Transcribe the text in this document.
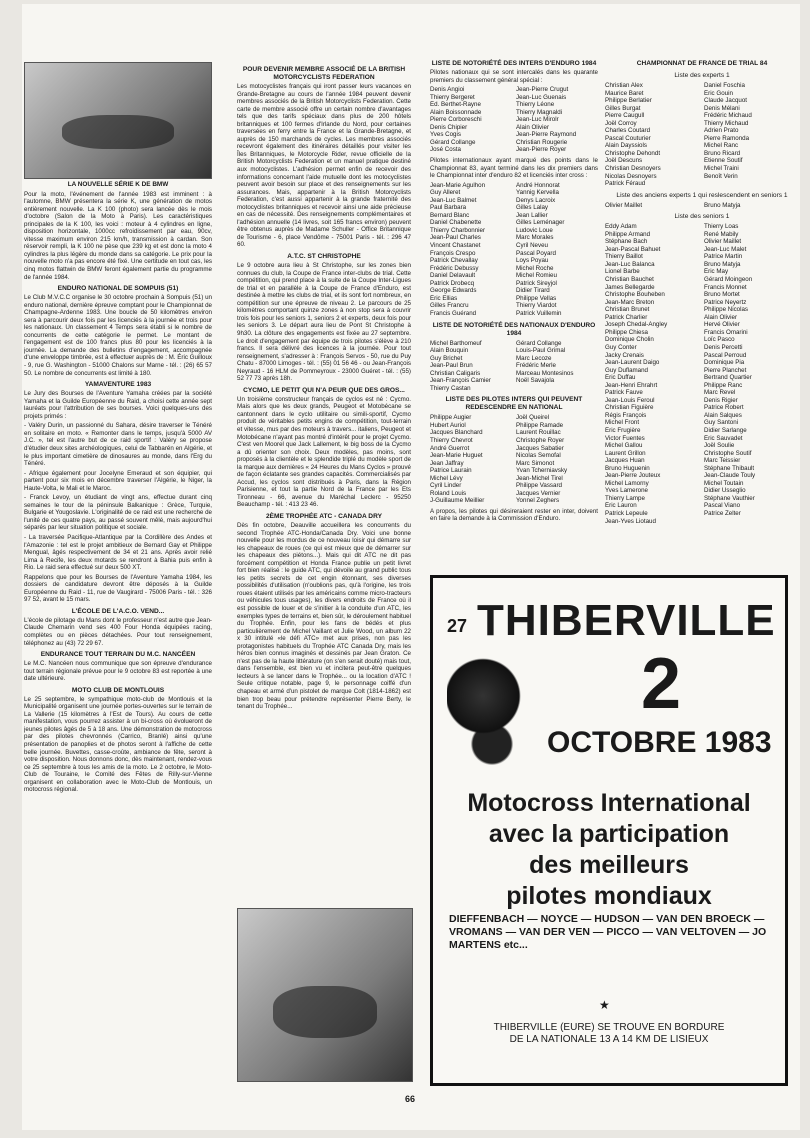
LA NOUVELLE SÉRIE K DE BMW

Pour la moto, l'événement de l'année 1983 est imminent : à l'automne, BMW présentera la série K, une génération de motos entièrement nouvelle. La K 100 (photo) sera lancée dès le mois d'octobre (Salon de la Moto à Paris). Les caractéristiques principales de la K 100, les voici : moteur à 4 cylindres en ligne, disposition horizontale, 1000cc refroidissement par eau, 90cv, vitesse maximum environ 215 km/h, transmission à cardan. Son réservoir rempli, la K 100 ne pèse que 239 kg et est donc la moto 4 cylindres la plus légère du monde dans sa catégorie. Le prix pour la nouvelle moto n'a pas encore été fixé. Une certitude en tout cas, les cinq motos flattwin de BMW feront également partie du programme de l'année 1984.

ENDURO NATIONAL DE SOMPUIS (51)

Le Club M.V.C.C organise le 30 octobre prochain à Sompuis (51) un enduro national, dernière épreuve comptant pour le Championnat de Champagne-Ardenne 1983. Une boucle de 50 kilomètres environ sera à parcourir deux fois par les licenciés à la journée et trois pour les nationaux. Un classement 4 Temps sera établi si le nombre de concurrents de cette catégorie le permet. Le montant de l'engagement est de 100 francs plus 80 pour les licenciés à la journée. La demande des bulletins d'engagement, accompagnée d'une enveloppe timbrée, est à effectuer auprès de : M. Éric Guilloux - 9, rue G. Washington - 51000 Chalons sur Marne - tél. : (26) 65 57 50. Le nombre de concurrents est limité à 180.

YAMAVENTURE 1983

Le Jury des Bourses de l'Aventure Yamaha créées par la société Yamaha et la Guilde Européenne du Raid, a choisi cette année sept lauréats pour l'attribution de ses bourses. Voici quelques-uns des projets primés :

- Valéry Durin, un passionné du Sahara, désire traverser le Ténéré en solitaire en moto. « Remonter dans le temps, jusqu'à 5000 AV J.C. », tel est l'autre but de ce raid sportif : Valéry se propose d'étudier deux sites archéologiques, celui de Tabbarén en Algérie, et le plus important cimetière de dinosaures au monde, dans l'Erg du Ténéré.

- Afrique également pour Jocelyne Emeraud et son équipier, qui partent pour six mois en décembre traverser l'Algérie, le Niger, la Haute-Volta, le Mali et le Maroc.

- Franck Levoy, un étudiant de vingt ans, effectue durant cinq semaines le tour de la péninsule Balkanique : Grèce, Turquie, Bulgarie et Yougoslavie. L'originalité de ce raid est une recherche de l'unité de ces quatre pays, au passé souvent mêlé, mais aujourd'hui séparés par leur situation politique et sociale.

- La traversée Pacifique-Atlantique par la Cordillère des Andes et l'Amazonie : tel est le projet ambitieux de Bernard Gay et Philippe Mengual, âgés respectivement de 34 et 21 ans. Après avoir relié Lima à Recife, les deux motards se rendront à Bahia puis enfin à Rio. Le raid sera effectué sur deux 500 XT.

Rappelons que pour les Bourses de l'Aventure Yamaha 1984, les dossiers de candidature devront être déposés à la Guilde Européenne du Raid - 11, rue de Vaugirard - 75006 Paris - tél. : 326 97 52, avant le 15 mars.

L'ÉCOLE DE L'A.C.O. VEND...

L'école de pilotage du Mans dont le professeur n'est autre que Jean-Claude Chemarin vend ses 400 Four Honda équipées racing, complètes ou en pièces détachées. Pour tout renseignement, téléphonez au (43) 72 29 67.

ENDURANCE TOUT TERRAIN DU M.C. NANCÉEN

Le M.C. Nancéen nous communique que son épreuve d'endurance tout terrain régionale prévue pour le 9 octobre 83 est reportée à une date ultérieure.

MOTO CLUB DE MONTLOUIS

Le 25 septembre, le sympathique moto-club de Montlouis et la Municipalité organisent une journée portes-ouvertes sur le terrain de La Vallerie (15 kilomètres à l'Est de Tours). Au cours de cette manifestation, vous pourrez assister à un bi-cross où évolueront de jeunes pilotes âgés de 5 à 18 ans. Une démonstration de motocross par des pilotes chevronnés (Carrico, Branlé) ainsi qu'une présentation de panoplies et de photos seront à l'affiche de cette belle journée. Buvettes, casse-croûte, ambiance de fête, seront à votre disposition. Nous donnons donc, dès maintenant, rendez-vous ce 25 septembre à tous les amis de la moto. Le 2 octobre, le Moto-Club de Touraine, le Comité des Fêtes de Rilly-sur-Vienne organisent en collaboration avec le Moto-Club de Montlouis, un motocross régional.

POUR DEVENIR MEMBRE ASSOCIÉ DE LA BRITISH MOTORCYCLISTS FEDERATION

Les motocyclistes français qui iront passer leurs vacances en Grande-Bretagne au cours de l'année 1984 peuvent devenir membres associés de la British Motorcyclists Federation. Cette carte de membre associé offre un certain nombre d'avantages tels que des tarifs spéciaux dans plus de 200 hôtels britanniques et 100 fermes d'Irlande du Nord, pour certaines traversées en ferry entre la France et la Grande-Bretagne, et auprès de 150 marchands de cycles. Les membres associés recevront également des itinéraires détaillés pour visiter les Îles Britanniques, le Motorcycle Rider, revue officielle de la British Motorcyclists Federation et un manuel pratique destiné aux motocyclistes. L'adhésion permet enfin de recevoir des informations concernant l'aide mutuelle dont les motocyclistes peuvent avoir besoin sur place et des renseignements sur les assurances. Mais, appartenir à la British Motorcyclists Federation, c'est aussi appartenir à la grande fraternité des motocyclistes britanniques et recevoir ainsi une aide précieuse en cas de nécessité. Des renseignements complémentaires et l'adhésion annuelle (14 livres, soit 165 francs environ) peuvent être obtenus auprès de Madame Schuller - Office Britannique de Tourisme - 6, place Vendôme - 75001 Paris - tél. : 296 47 60.

A.T.C. ST CHRISTOPHE

Le 9 octobre aura lieu à St Christophe, sur les zones bien connues du club, la Coupe de France inter-clubs de trial. Cette compétition, qui prend place à la suite de la Coupe Inter-Ligues de trial et en parallèle à la Coupe de France d'Enduro, est destinée à mettre les clubs de trial, et ils sont fort nombreux, en compétition sur une épreuve de niveau 2. Le parcours de 25 kilomètres comportant quinze zones à non stop sera à couvrir trois fois pour les seniors 1, seniors 2 et experts, deux fois pour les seniors 3. Le départ aura lieu de Pont St Christophe à 9h30. La clôture des engagements est fixée au 27 septembre. Le droit d'engagement par équipe de trois pilotes s'élève à 210 francs. Il sera délivré des licences à la journée. Pour tout renseignement, s'adresser à : François Servos - 50, rue du Puy Chatu - 87000 Limoges - tél. : (55) 01 56 46 - ou Jean-François Neyraud - 16 HLM de Pommeyroux - 23000 Guéret - tél. : (55) 52 77 73 après 18h.

CYCMO, LE PETIT QUI N'A PEUR QUE DES GROS...

Un troisième constructeur français de cyclos est né : Cycmo. Mais alors que les deux grands, Peugeot et Motobécane se cantonnent dans le cyclo utilitaire ou simili-sportif, Cycmo produit de véritables petits engins de compétition, tout-terrain et vitesse, mus par des moteurs à travers... italiens, Peugeot et Motobécane n'ayant pas montré d'intérêt pour le projet Cycmo. C'est ven Moorel que Jack Lallement, le big boss de la Cycmo a dû orienter son choix. Deux modèles, pas moins, sont proposés à la clientèle et le splendide triplé du modèle sport de la marque aux dernières « 24 Heures du Mans Cyclos » prouvé de façon éclatante ses grandes capacités. Commercialisés par Accud, les cyclos sont distribués à Paris, dans la Région Parisienne, et tout la partie Nord de la France par les Ets Tironneau - 66, avenue du Maréchal Leclerc - 95250 Beauchamp - tél. : 413 23 46.

2ÈME TROPHÉE ATC - CANADA DRY

Dès fin octobre, Deauville accueillera les concurrents du second Trophée ATC-Honda/Canada Dry. Voici une bonne nouvelle pour les mordus de ce nouveau loisir qui démarre sur les chapeaux de roues (ce qui est mieux que de démarrer sur les chapeaux des piétons...). Mais qui dit ATC ne dit pas forcément compétition et Honda France publie un petit livret fort bien réalisé : le guide ATC, qui dévoile au grand public tous les petits secrets de cet engin étonnant, ses diverses possibilités d'utilisation (n'oublions pas, qu'à l'origine, les trois roues étaient utilisés par les américains comme micro-tracteurs ou véhicules tous usages), les divers endroits de France où il est possible de louer et de s'initier à la conduite d'un ATC, les exemples types de terrains et, bien sûr, le déroulement habituel du Trophée. Enfin, pour les fans de bédés et plus particulièrement de Michel Vaillant et Julie Wood, un album 22 x 30 intitulé «le défi ATC» met aux prises, non pas les protagonistes habituels du Trophée ATC Canada Dry, mais les héros bien connus imaginés et dessinés par Jean Graton. Ce n'est pas de la haute littérature (on s'en serait douté) mais tout, dans l'ensemble, est bien vu et incitera peut-être quelques lecteurs à se lancer dans le Trophée... ou la location d'ATC ! Seule critique notable, page 9, le personnage coiffé d'un chapeau et armé d'un pistolet de marque Colt (1814-1862) est bien trop beau pour prétendre représenter Pierre Berty, le tenant du Trophée...

LISTE DE NOTORIÉTÉ DES INTERS D'ENDURO 1984

Pilotes nationaux qui se sont intercalés dans les quarante premiers du classement général spécial :

Denis Angioi	Jean-Pierre Crugut
Thierry Bergeret	Jean-Luc Guenais
Éd. Berthet-Rayne	Thierry Léone
Alain Boissonnade	Thierry Magnaldi
Pierre Corboreschi	Jean-Luc Mirolr
Denis Chipier	Alain Olivier
Yves Cogis	Jean-Pierre Raymond
Gérard Collange	Christian Rougerie
José Costa	Jean-Pierre Royer

Pilotes internationaux ayant marqué des points dans le Championnat 83, ayant terminé dans les dix premiers dans le Championnat inter d'enduro 82 et licenciés inter cross :

Jean-Marie Agulhon	André Honnorat
Guy Alleret	Yannig Kervella
Jean-Luc Balmet	Denys Lacroix
Paul Barbara	Gilles Lalay
Bernard Blanc	Jean Lallier
Daniel Chabenette	Gilles Leménager
Thierry Charbonnier	Ludovic Loue
Jean-Paul Charles	Marc Morales
Vincent Chastanet	Cyril Neveu
François Crespo	Pascal Poyard
Patrick Chevallay	Loys Poyau
Frédéric Debussy	Michel Roche
Daniel Delavault	Michel Romieu
Patrick Drobecq	Patrick Sireyjol
George Edwards	Didier Tirard
Éric Ellias	Philippe Vellas
Gilles Francru	Thierry Viardot
Francis Guérand	Patrick Vuillemin
LISTE DE NOTORIÉTÉ DES NATIONAUX D'ENDURO 1984
Michel Barthomeuf	Gérard Collange
Alain Bouquin	Louis-Paul Grimal
Guy Brichet	Marc Lecoze
Jean-Paul Brun	Frédéric Merle
Christian Caligaris	Marceau Montesinos
Jean-François Camier	Noël Savajola
Thierry Castan
LISTE DES PILOTES INTERS QUI PEUVENT REDESCENDRE EN NATIONAL
Philippe Augier	Joël Queirel
Hubert Auriol	Philippe Ramade
Jacques Blanchard	Laurent Rouillac
Thierry Chevrot	Christophe Royer
André Guerrot	Jacques Sabatier
Jean-Marie Huguet	Nicolas Semofal
Jean Jaffray	Marc Simonot
Patrice Laurain	Yvan Tcherniavsky
Michel Lévy	Jean-Michel Tirel
Cyril Linder	Philippe Vassard
Roland Louis	Jacques Vernier
J-Guillaume Meillier	Yonnel Zeghers

A propos, les pilotes qui désireraient rester en inter, doivent en faire la demande à la Commission d'Enduro.

CHAMPIONNAT DE FRANCE DE TRIAL 84
Liste des experts 1
Christian Alex	Daniel Foschia
Maurice Baret	Éric Gouin
Philippe Berlatier	Claude Jacquot
Gilles Burgat	Denis Mélani
Pierre Caugull	Frédéric Michaud
Joël Corroy	Thierry Michaud
Charles Coutard	Adrien Prato
Pascal Couturier	Pierre Ramonda
Alain Dayssiols	Michel Ranc
Christophe Dehondt	Bruno Ricard
Joël Descuns	Étienne Soutif
Christian Desnoyers	Michel Traini
Nicolas Desnoyers	Benoît Verin
Patrick Féraud
Liste des anciens experts 1 qui reslescendent en seniors 1
Olivier Maillet	Bruno Matyja
Liste des seniors 1
Eddy Adam	Thierry Loas
Philippe Armand	René Mabily
Stéphane Bach	Olivier Maillet
Jean-Pascal Bahuet	Jean-Luc Malet
Thierry Baillot	Patrice Martin
Jean-Luc Balanca	Bruno Matyja
Lionel Barbe	Éric May
Christian Bauchet	Gérard Moingeon
James Bellegarde	Francis Monnet
Christophe Bouheben	Bruno Mortet
Jean-Marc Breton	Patrice Neyertz
Christian Brunet	Philippe Nicolas
Patrick Charlier	Alain Olivier
Joseph Chedal-Angley	Hervé Olivier
Philippe Chiesa	Francis Omarini
Dominique Cholin	Loïc Pasco
Guy Conter	Denis Percetti
Jacky Crenais	Pascal Perroud
Jean-Laurent Daigo	Dominique Pia
Guy Duflamand	Pierre Planchet
Éric Duffau	Bertrand Quartier
Jean-Henri Ehrahrt	Philippe Ranc
Patrick Fauve	Marc Revel
Jean-Louis Feroul	Denis Rigier
Christian Figuière	Patrice Robert
Régis François	Alain Salques
Michel Front	Guy Santoni
Éric Frugière	Didier Sarlange
Victor Fuentes	Éric Sauvadet
Michel Gallou	Joël Soulie
Laurent Grillon	Christophe Soutif
Jacques Huan	Marc Teissier
Bruno Huguenin	Stéphane Thibault
Jean-Pierre Jouteux	Jean-Claude Touly
Michel Lamorny	Michel Toutain
Yves Lamerone	Didier Usseglio
Thierry Lampe	Stéphane Vauthier
Éric Lauron	Pascal Viano
Patrick Lepeule	Patrice Zelter
Jean-Yves Liotaud
27 THIBERVILLE
2
OCTOBRE 1983
Motocross International
avec la participation
des meilleurs
pilotes mondiaux
DIEFFENBACH — NOYCE — HUDSON — VAN DEN BROECK — VROMANS — VAN DER VEN — PICCO — VAN VELTOVEN — JO MARTENS etc...
★
THIBERVILLE (EURE) SE TROUVE EN BORDURE
DE LA NATIONALE 13 A 14 KM DE LISIEUX
66
